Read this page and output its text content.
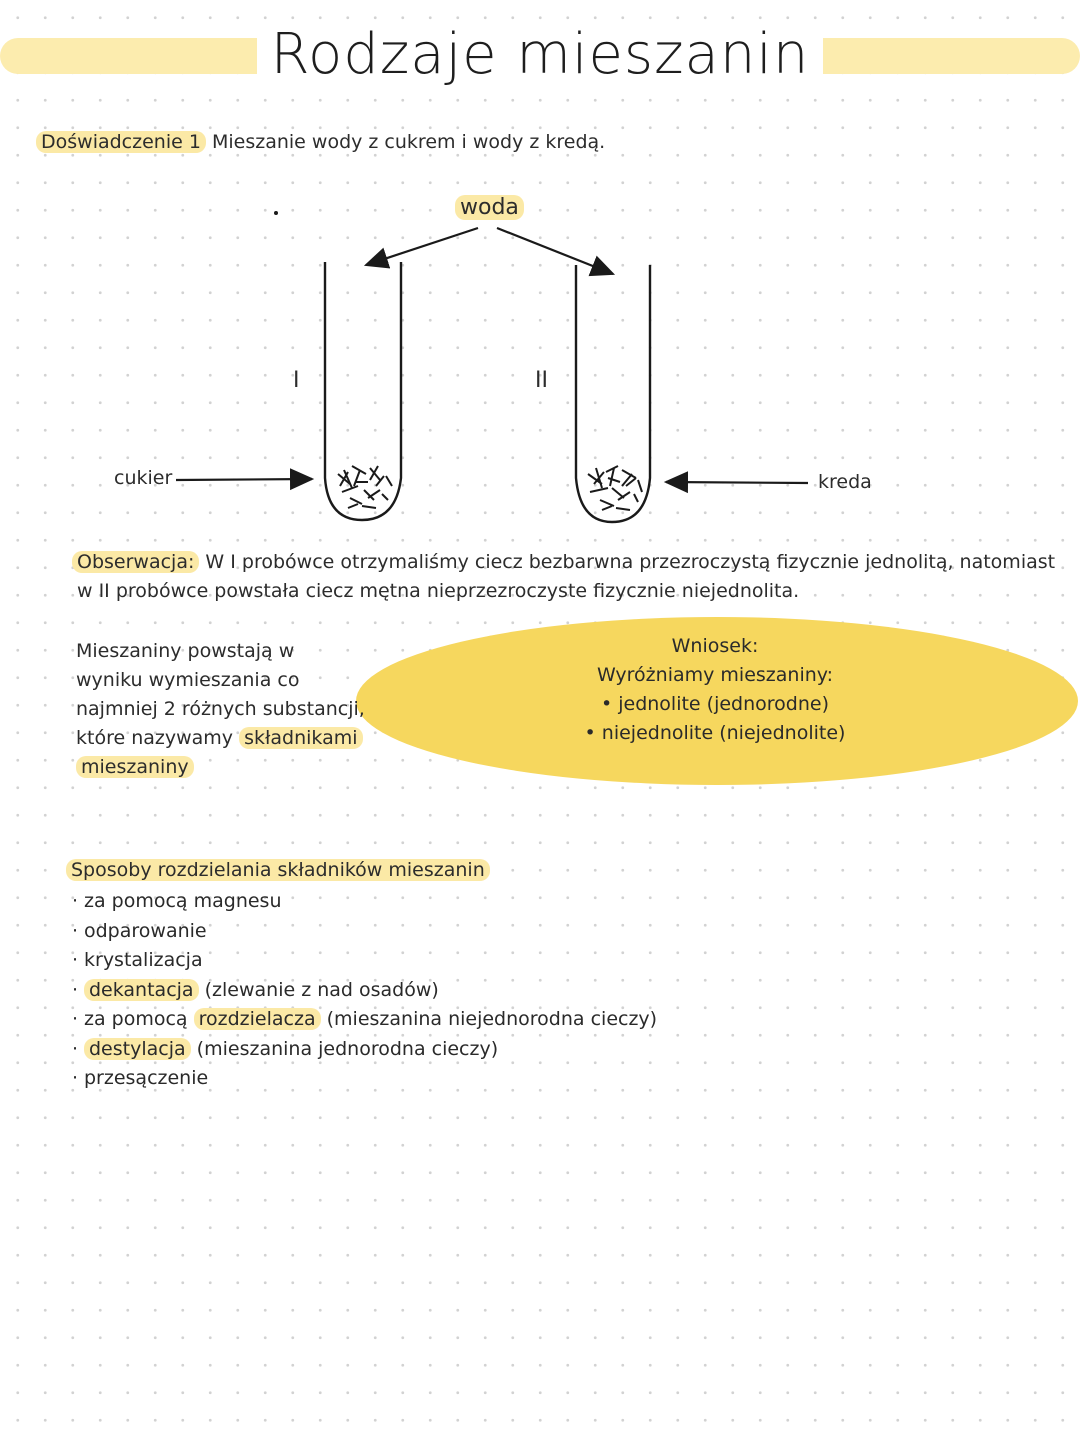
Rodzaje mieszanin
Doświadczenie 1 Mieszanie wody z cukrem i wody z kredą.
woda
I	II
cukier	kreda
Obserwacja: W I probówce otrzymaliśmy ciecz bezbarwna przezroczystą fizycznie jednolitą, natomiast
w II probówce powstała ciecz mętna nieprzezroczyste fizycznie niejednolita.
Wniosek:
Wyróżniamy mieszaniny:
• jednolite (jednorodne)
• niejednolite (niejednolite)
Mieszaniny powstają w
wyniku wymieszania co
najmniej 2 różnych substancji,
które nazywamy składnikami
mieszaniny
Sposoby rozdzielania składników mieszanin
· za pomocą magnesu
· odparowanie
· krystalizacja
· dekantacja (zlewanie z nad osadów)
· za pomocą rozdzielacza (mieszanina niejednorodna cieczy)
· destylacja (mieszanina jednorodna cieczy)
· przesączenie
